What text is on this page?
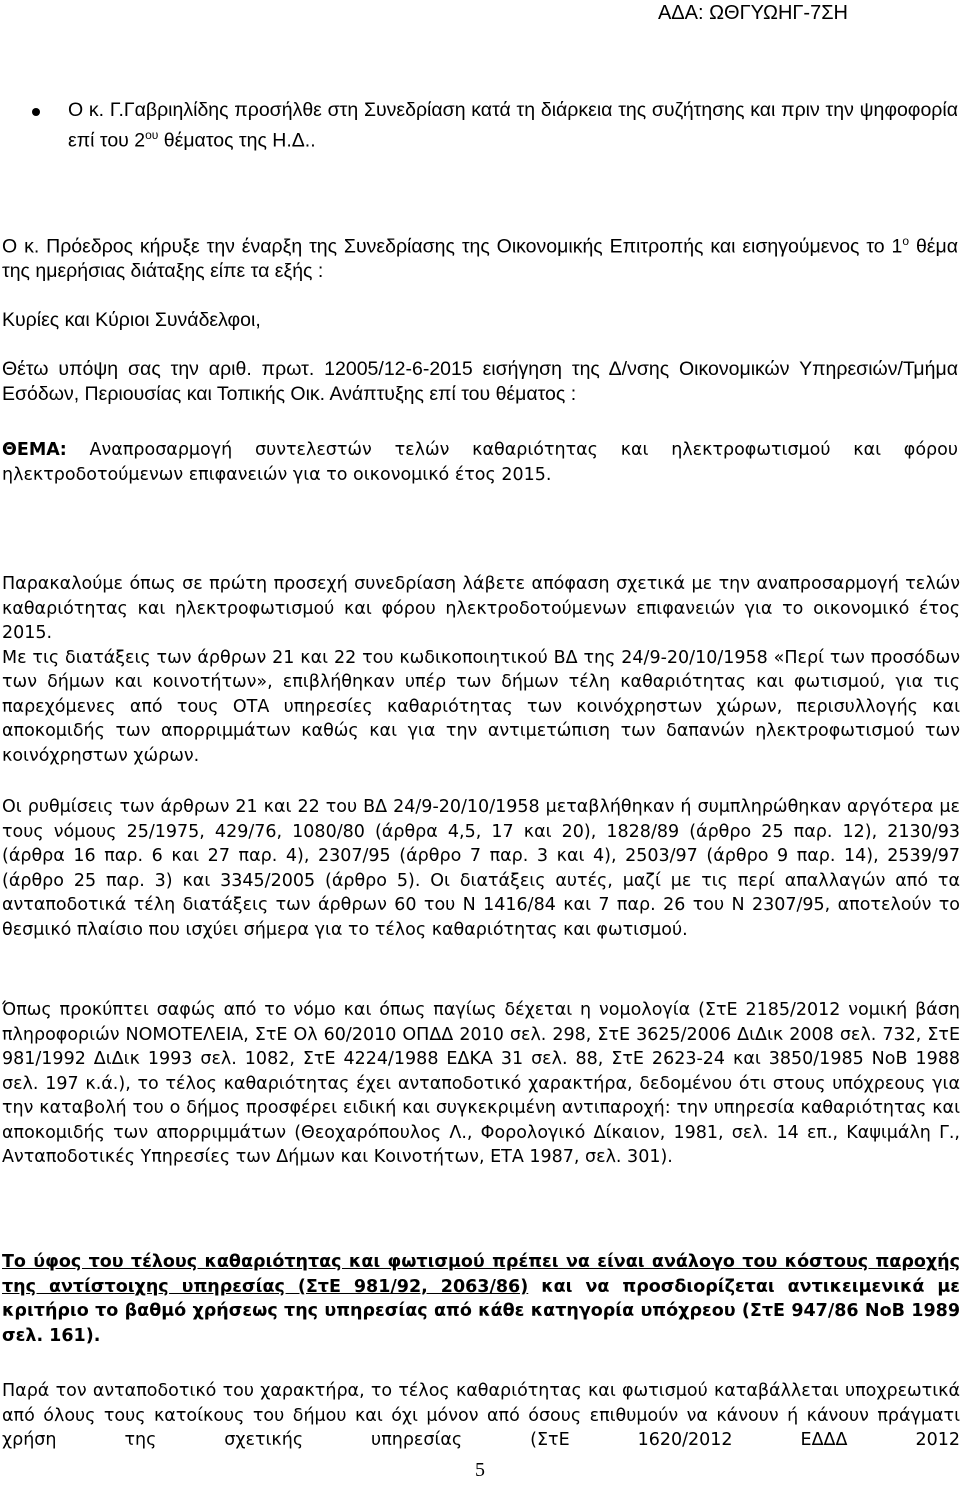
ΑΔΑ: ΩΘΓΥΩΗΓ-7ΣΗ

Ο κ. Γ.Γαβριηλίδης προσήλθε στη Συνεδρίαση κατά τη διάρκεια της συζήτησης και πριν την ψηφοφορία επί του $2^{o\upsilon}$ θέματος της Η.Δ..

Ο κ. Πρόεδρος κήρυξε την έναρξη της Συνεδρίασης της Οικονομικής Επιτροπής και εισηγούμενος το $1^o$ θέμα της ημερήσιας διάταξης είπε τα εξής :

Κυρίες και Κύριοι Συνάδελφοι,

Θέτω υπόψη σας την αριθ. πρωτ. 12005/12-6-2015 εισήγηση της Δ/νσης Οικονομικών Υπηρεσιών/Τμήμα Εσόδων, Περιουσίας και Τοπικής Οικ. Ανάπτυξης επί του θέματος :

ΘΕΜΑ: Αναπροσαρμογή συντελεστών τελών καθαριότητας και ηλεκτροφωτισμού και φόρου ηλεκτροδοτούμενων επιφανειών για το οικονομικό έτος 2015.

Παρακαλούμε όπως σε πρώτη προσεχή συνεδρίαση λάβετε απόφαση σχετικά με την αναπροσαρμογή τελών καθαριότητας και ηλεκτροφωτισμού και φόρου ηλεκτροδοτούμενων επιφανειών για το οικονομικό έτος 2015.

Με τις διατάξεις των άρθρων 21 και 22 του κωδικοποιητικού ΒΔ της 24/9-20/10/1958 «Περί των προσόδων των δήμων και κοινοτήτων», επιβλήθηκαν υπέρ των δήμων τέλη καθαριότητας και φωτισμού, για τις παρεχόμενες από τους ΟΤΑ υπηρεσίες καθαριότητας των κοινόχρηστων χώρων, περισυλλογής και αποκομιδής των απορριμμάτων καθώς και για την αντιμετώπιση των δαπανών ηλεκτροφωτισμού των κοινόχρηστων χώρων.

Οι ρυθμίσεις των άρθρων 21 και 22 του ΒΔ 24/9-20/10/1958 μεταβλήθηκαν ή συμπληρώθηκαν αργότερα με τους νόμους 25/1975, 429/76, 1080/80 (άρθρα 4,5, 17 και 20), 1828/89 (άρθρο 25 παρ. 12), 2130/93 (άρθρα 16 παρ. 6 και 27 παρ. 4), 2307/95 (άρθρο 7 παρ. 3 και 4), 2503/97 (άρθρο 9 παρ. 14), 2539/97 (άρθρο 25 παρ. 3) και 3345/2005 (άρθρο 5). Οι διατάξεις αυτές, μαζί με τις περί απαλλαγών από τα ανταποδοτικά τέλη διατάξεις των άρθρων 60 του Ν 1416/84 και 7 παρ. 26 του Ν 2307/95, αποτελούν το θεσμικό πλαίσιο που ισχύει σήμερα για το τέλος καθαριότητας και φωτισμού.

Όπως προκύπτει σαφώς από το νόμο και όπως παγίως δέχεται η νομολογία (ΣτΕ 2185/2012 νομική βάση πληροφοριών ΝΟΜΟΤΕΛΕΙΑ, ΣτΕ Ολ 60/2010 ΟΠΔΔ 2010 σελ. 298, ΣτΕ 3625/2006 ΔιΔικ 2008 σελ. 732, ΣτΕ 981/1992 ΔιΔικ 1993 σελ. 1082, ΣτΕ 4224/1988 ΕΔΚΑ 31 σελ. 88, ΣτΕ 2623-24 και 3850/1985 ΝοΒ 1988 σελ. 197 κ.ά.), το τέλος καθαριότητας έχει ανταποδοτικό χαρακτήρα, δεδομένου ότι στους υπόχρεους για την καταβολή του ο δήμος προσφέρει ειδική και συγκεκριμένη αντιπαροχή: την υπηρεσία καθαριότητας και αποκομιδής των απορριμμάτων (Θεοχαρόπουλος Λ., Φορολογικό Δίκαιον, 1981, σελ. 14 επ., Καψιμάλη Γ., Ανταποδοτικές Υπηρεσίες των Δήμων και Κοινοτήτων, ΕΤΑ 1987, σελ. 301).

Το ύφος του τέλους καθαριότητας και φωτισμού πρέπει να είναι ανάλογο του κόστους παροχής της αντίστοιχης υπηρεσίας (ΣτΕ 981/92, 2063/86) και να προσδιορίζεται αντικειμενικά με κριτήριο το βαθμό χρήσεως της υπηρεσίας από κάθε κατηγορία υπόχρεου (ΣτΕ 947/86 ΝοΒ 1989 σελ. 161).

Παρά τον ανταποδοτικό του χαρακτήρα, το τέλος καθαριότητας και φωτισμού καταβάλλεται υποχρεωτικά από όλους τους κατοίκους του δήμου και όχι μόνον από όσους επιθυμούν να κάνουν ή κάνουν πράγματι χρήση της σχετικής υπηρεσίας (ΣτΕ 1620/2012 ΕΔΔΔ 2012

5
